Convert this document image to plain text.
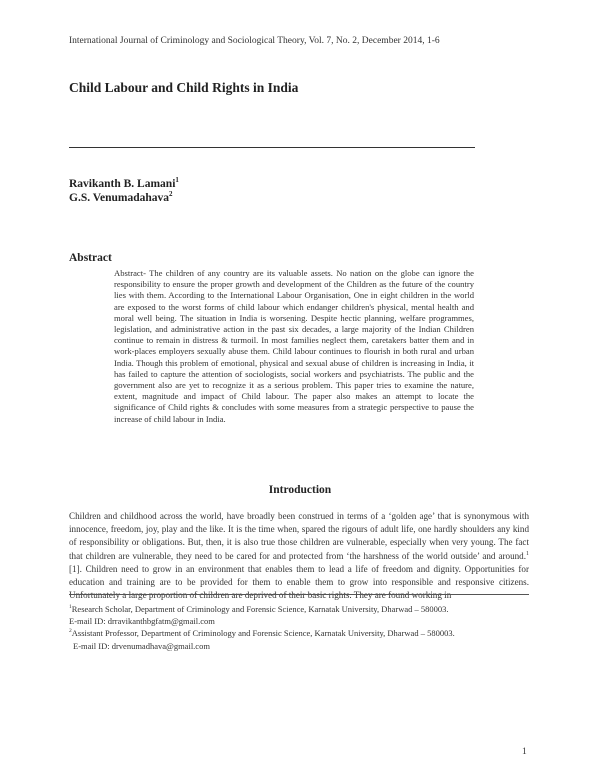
International Journal of Criminology and Sociological Theory, Vol. 7, No. 2, December 2014, 1-6
Child Labour and Child Rights in India
Ravikanth B. Lamani$^1$
G.S. Venumadahava$^2$
Abstract
Abstract- The children of any country are its valuable assets. No nation on the globe can ignore the responsibility to ensure the proper growth and development of the Children as the future of the country lies with them. According to the International Labour Organisation, One in eight children in the world are exposed to the worst forms of child labour which endanger children's physical, mental health and moral well being. The situation in India is worsening. Despite hectic planning, welfare programmes, legislation, and administrative action in the past six decades, a large majority of the Indian Children continue to remain in distress & turmoil. In most families neglect them, caretakers batter them and in work-places employers sexually abuse them. Child labour continues to flourish in both rural and urban India. Though this problem of emotional, physical and sexual abuse of children is increasing in India, it has failed to capture the attention of sociologists, social workers and psychiatrists. The public and the government also are yet to recognize it as a serious problem. This paper tries to examine the nature, extent, magnitude and impact of Child labour. The paper also makes an attempt to locate the significance of Child rights & concludes with some measures from a strategic perspective to pause the increase of child labour in India.
Introduction
Children and childhood across the world, have broadly been construed in terms of a ‘golden age’ that is synonymous with innocence, freedom, joy, play and the like. It is the time when, spared the rigours of adult life, one hardly shoulders any kind of responsibility or obligations. But, then, it is also true those children are vulnerable, especially when very young. The fact that children are vulnerable, they need to be cared for and protected from ‘the harshness of the world outside’ and around.$^1$ [1]. Children need to grow in an environment that enables them to lead a life of freedom and dignity. Opportunities for education and training are to be provided for them to enable them to grow into responsible and responsive citizens. Unfortunately a large proportion of children are deprived of their basic rights. They are found working in
$^1$Research Scholar, Department of Criminology and Forensic Science, Karnatak University, Dharwad – 580003.
E-mail ID: drravikanthbgfatm@gmail.com
$^2$Assistant Professor, Department of Criminology and Forensic Science, Karnatak University, Dharwad – 580003.
E-mail ID: drvenumadhava@gmail.com
1
